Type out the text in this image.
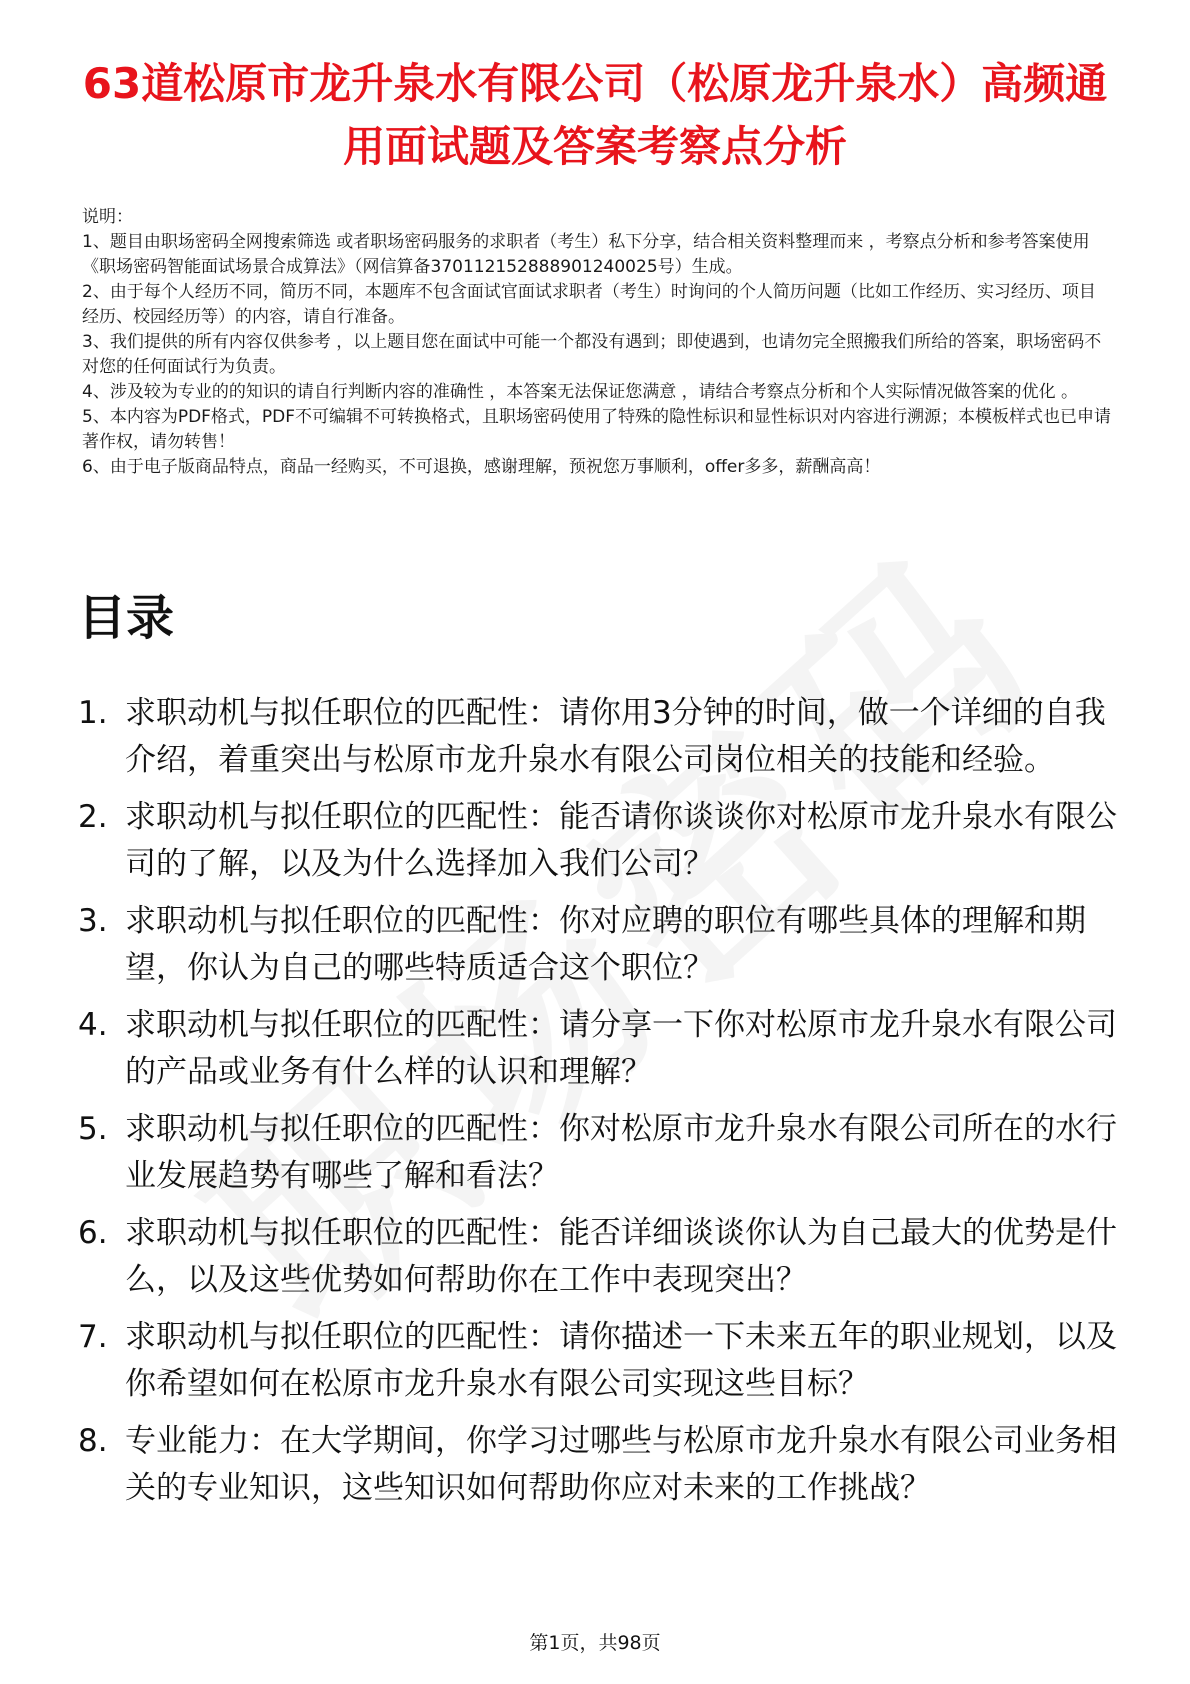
63道松原市龙升泉水有限公司（松原龙升泉水）高频通用面试题及答案考察点分析

说明：

1、题目由职场密码全网搜索筛选 或者职场密码服务的求职者（考生）私下分享，结合相关资料整理而来 ，考察点分析和参考答案使用《职场密码智能面试场景合成算法》（网信算备370112152888901240025号）生成。

2、由于每个人经历不同，简历不同，本题库不包含面试官面试求职者（考生）时询问的个人简历问题（比如工作经历、实习经历、项目经历、校园经历等）的内容，请自行准备。

3、我们提供的所有内容仅供参考 ，以上题目您在面试中可能一个都没有遇到；即使遇到，也请勿完全照搬我们所给的答案，职场密码不对您的任何面试行为负责。

4、涉及较为专业的的知识的请自行判断内容的准确性 ，本答案无法保证您满意 ，请结合考察点分析和个人实际情况做答案的优化 。

5、本内容为PDF格式，PDF不可编辑不可转换格式，且职场密码使用了特殊的隐性标识和显性标识对内容进行溯源；本模板样式也已申请著作权，请勿转售！

6、由于电子版商品特点，商品一经购买，不可退换，感谢理解，预祝您万事顺利，offer多多，薪酬高高！

目录
1. 求职动机与拟任职位的匹配性：请你用3分钟的时间，做一个详细的自我介绍，着重突出与松原市龙升泉水有限公司岗位相关的技能和经验。
2. 求职动机与拟任职位的匹配性：能否请你谈谈你对松原市龙升泉水有限公司的了解，以及为什么选择加入我们公司？
3. 求职动机与拟任职位的匹配性：你对应聘的职位有哪些具体的理解和期望，你认为自己的哪些特质适合这个职位？
4. 求职动机与拟任职位的匹配性：请分享一下你对松原市龙升泉水有限公司的产品或业务有什么样的认识和理解？
5. 求职动机与拟任职位的匹配性：你对松原市龙升泉水有限公司所在的水行业发展趋势有哪些了解和看法？
6. 求职动机与拟任职位的匹配性：能否详细谈谈你认为自己最大的优势是什么，以及这些优势如何帮助你在工作中表现突出？
7. 求职动机与拟任职位的匹配性：请你描述一下未来五年的职业规划，以及你希望如何在松原市龙升泉水有限公司实现这些目标？
8. 专业能力：在大学期间，你学习过哪些与松原市龙升泉水有限公司业务相关的专业知识，这些知识如何帮助你应对未来的工作挑战？
第1页，共98页
